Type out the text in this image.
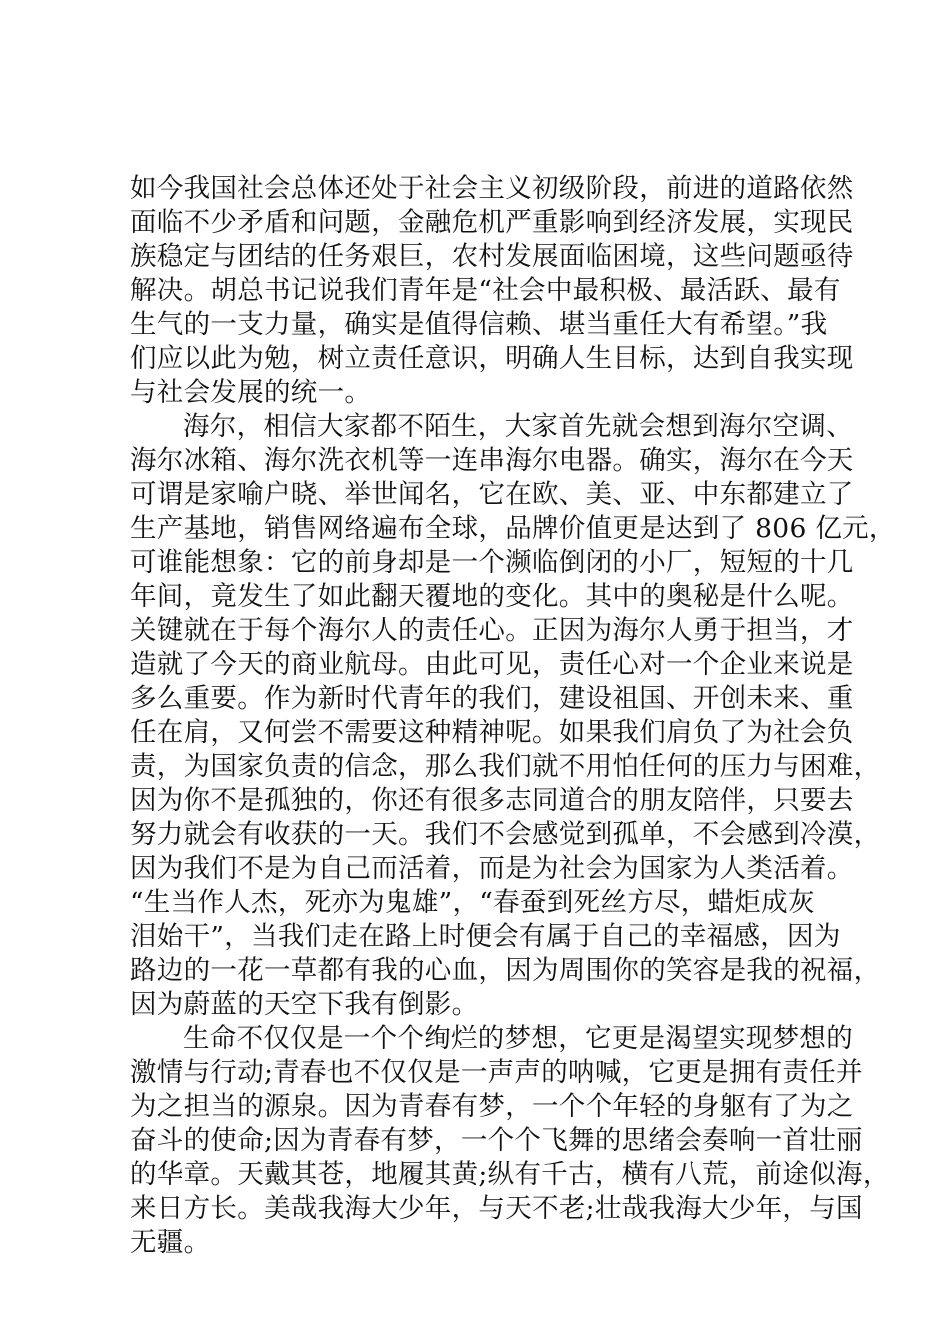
如今我国社会总体还处于社会主义初级阶段，前进的道路依然
面临不少矛盾和问题，金融危机严重影响到经济发展，实现民
族稳定与团结的任务艰巨，农村发展面临困境，这些问题亟待
解决。胡总书记说我们青年是“社会中最积极、最活跃、最有
生气的一支力量，确实是值得信赖、堪当重任大有希望。”我
们应以此为勉，树立责任意识，明确人生目标，达到自我实现
与社会发展的统一。
海尔，相信大家都不陌生，大家首先就会想到海尔空调、
海尔冰箱、海尔洗衣机等一连串海尔电器。确实，海尔在今天
可谓是家喻户晓、举世闻名，它在欧、美、亚、中东都建立了
生产基地，销售网络遍布全球，品牌价值更是达到了 806 亿元，
可谁能想象：它的前身却是一个濒临倒闭的小厂，短短的十几
年间，竟发生了如此翻天覆地的变化。其中的奥秘是什么呢。
关键就在于每个海尔人的责任心。正因为海尔人勇于担当，才
造就了今天的商业航母。由此可见，责任心对一个企业来说是
多么重要。作为新时代青年的我们，建设祖国、开创未来、重
任在肩，又何尝不需要这种精神呢。如果我们肩负了为社会负
责，为国家负责的信念，那么我们就不用怕任何的压力与困难，
因为你不是孤独的，你还有很多志同道合的朋友陪伴，只要去
努力就会有收获的一天。我们不会感觉到孤单，不会感到冷漠，
因为我们不是为自己而活着，而是为社会为国家为人类活着。
“生当作人杰，死亦为鬼雄”，“春蚕到死丝方尽，蜡炬成灰
泪始干”，当我们走在路上时便会有属于自己的幸福感，因为
路边的一花一草都有我的心血，因为周围你的笑容是我的祝福，
因为蔚蓝的天空下我有倒影。
生命不仅仅是一个个绚烂的梦想，它更是渴望实现梦想的
激情与行动;青春也不仅仅是一声声的呐喊，它更是拥有责任并
为之担当的源泉。因为青春有梦，一个个年轻的身躯有了为之
奋斗的使命;因为青春有梦，一个个飞舞的思绪会奏响一首壮丽
的华章。天戴其苍，地履其黄;纵有千古，横有八荒，前途似海，
来日方长。美哉我海大少年，与天不老;壮哉我海大少年，与国
无疆。
